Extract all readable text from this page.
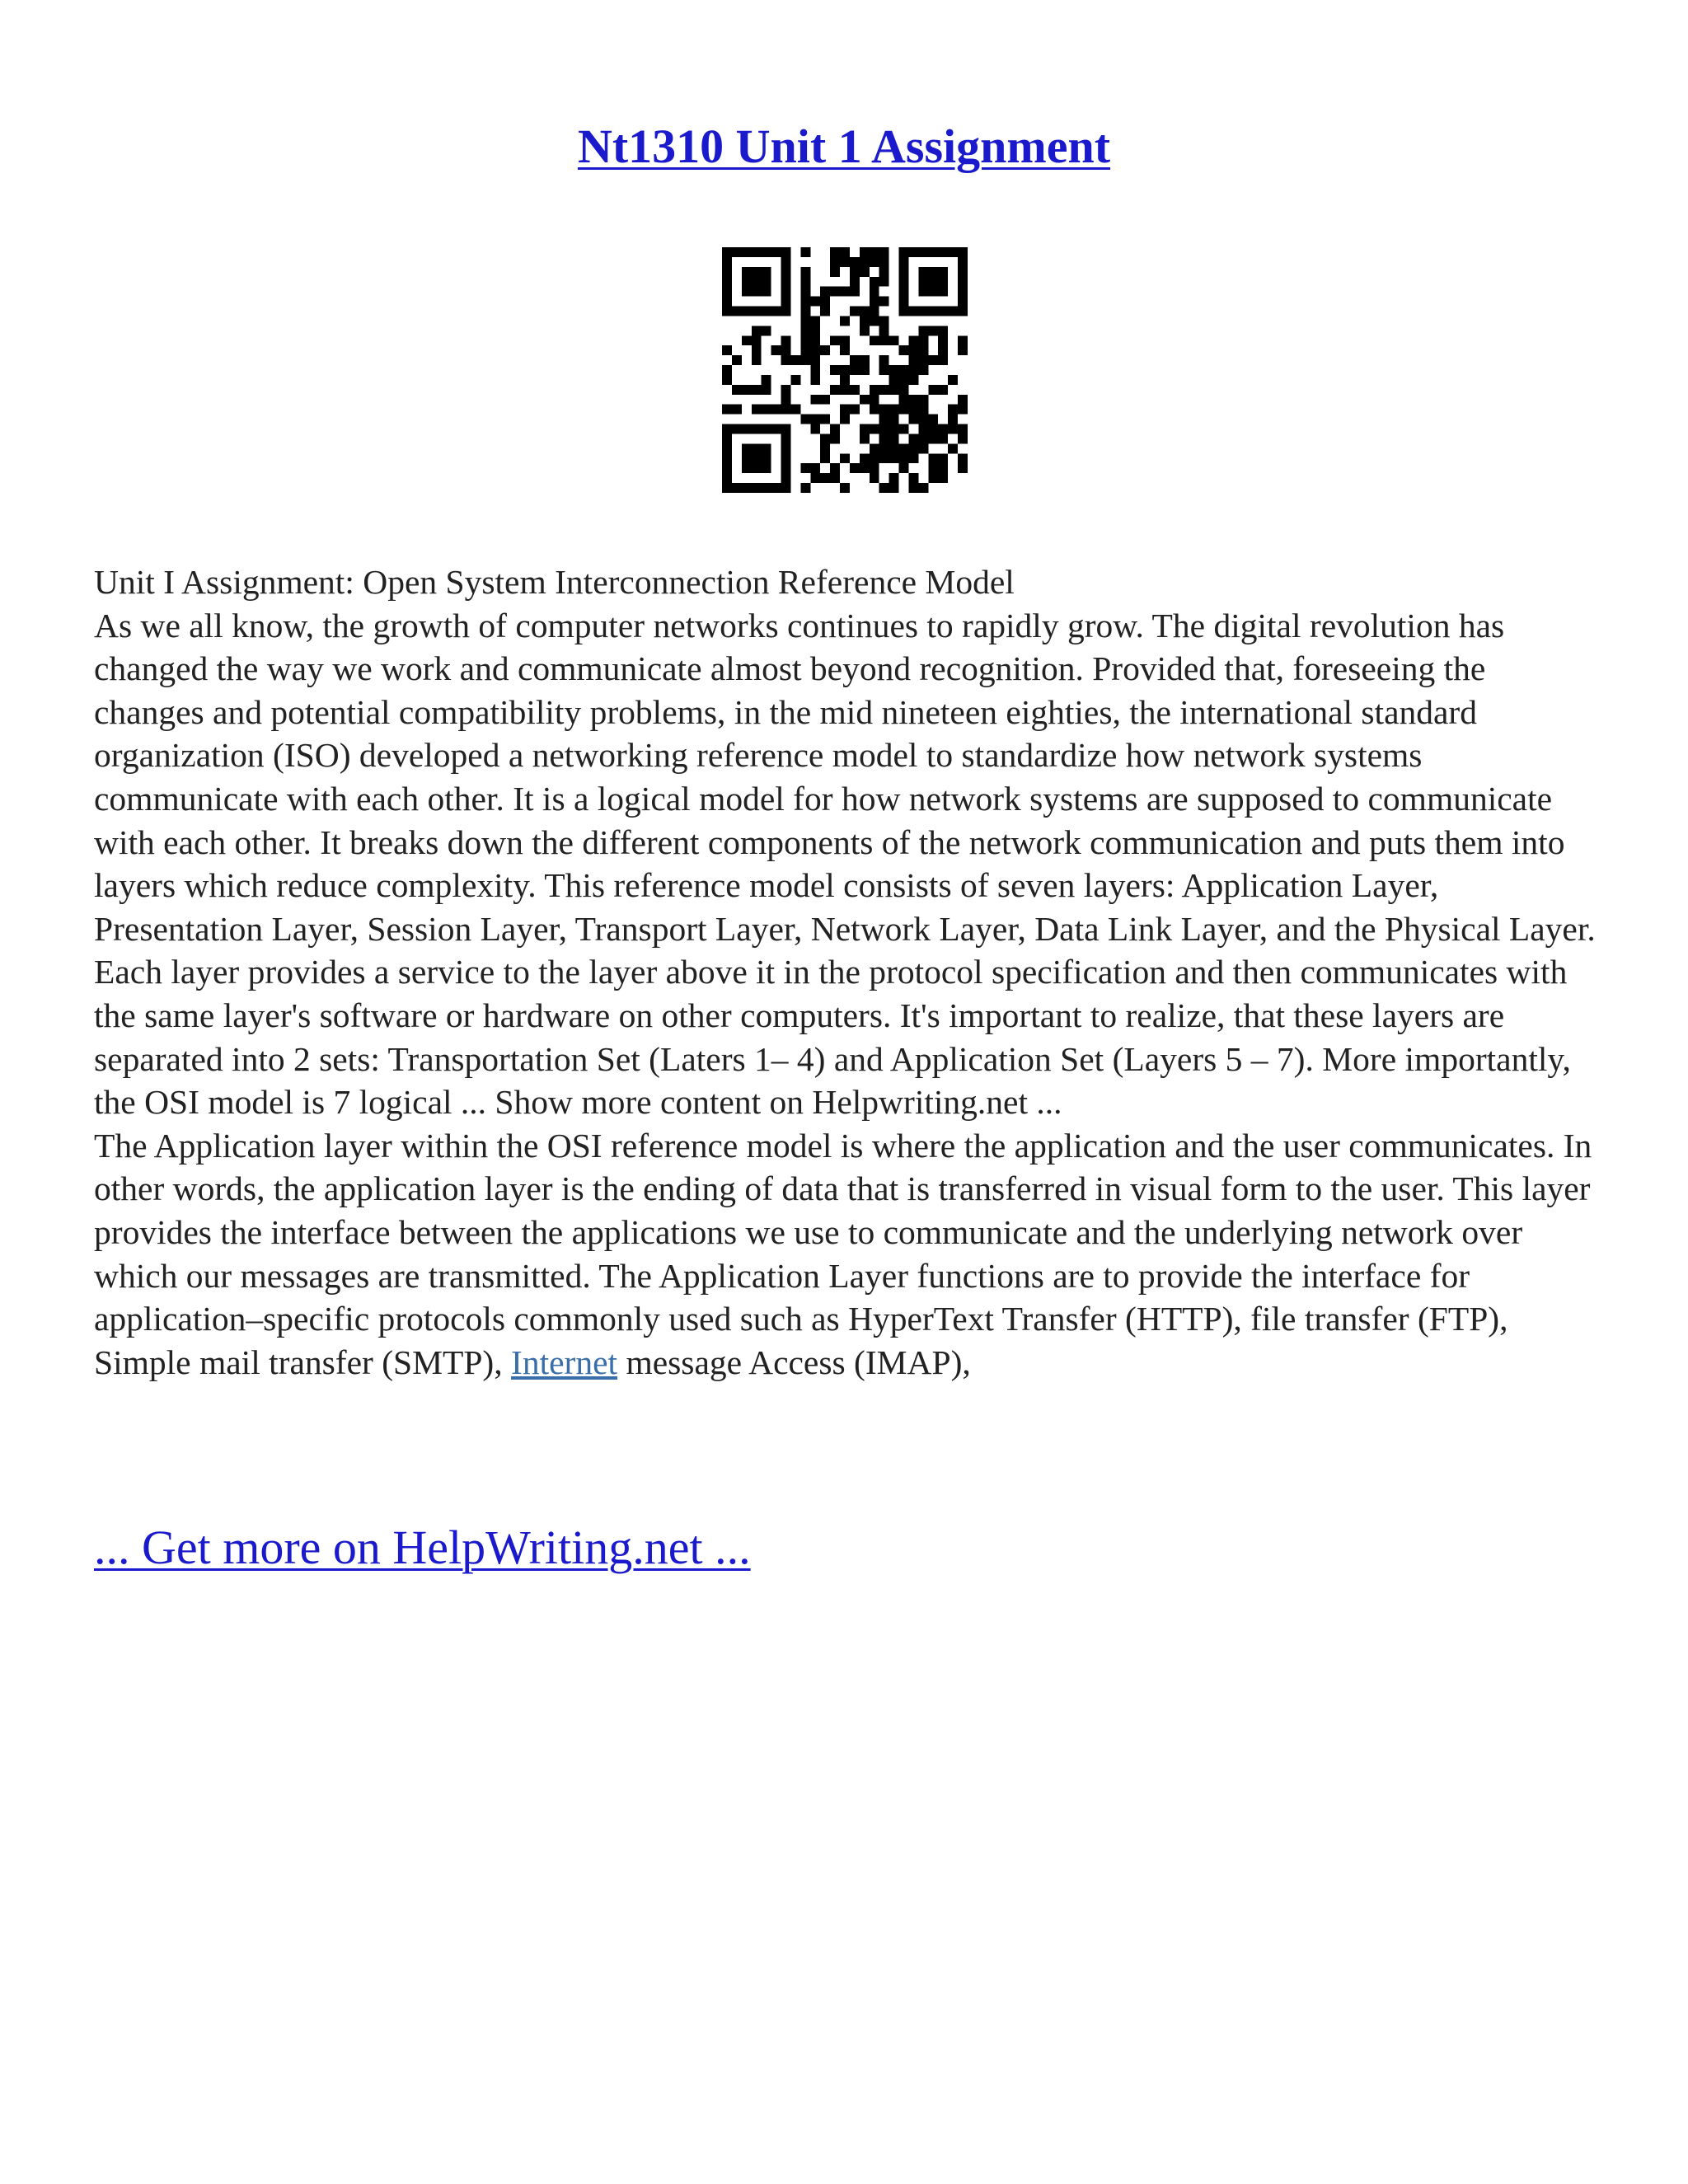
Nt1310 Unit 1 Assignment

Unit I Assignment: Open System Interconnection Reference Model

As we all know, the growth of computer networks continues to rapidly grow. The digital revolution has changed the way we work and communicate almost beyond recognition. Provided that, foreseeing the changes and potential compatibility problems, in the mid nineteen eighties, the international standard organization (ISO) developed a networking reference model to standardize how network systems communicate with each other. It is a logical model for how network systems are supposed to communicate with each other. It breaks down the different components of the network communication and puts them into layers which reduce complexity. This reference model consists of seven layers: Application Layer, Presentation Layer, Session Layer, Transport Layer, Network Layer, Data Link Layer, and the Physical Layer. Each layer provides a service to the layer above it in the protocol specification and then communicates with the same layer's software or hardware on other computers. It's important to realize, that these layers are separated into 2 sets: Transportation Set (Laters 1– 4) and Application Set (Layers 5 – 7). More importantly, the OSI model is 7 logical ... Show more content on Helpwriting.net ...

The Application layer within the OSI reference model is where the application and the user communicates. In other words, the application layer is the ending of data that is transferred in visual form to the user. This layer provides the interface between the applications we use to communicate and the underlying network over which our messages are transmitted. The Application Layer functions are to provide the interface for application–specific protocols commonly used such as HyperText Transfer (HTTP), file transfer (FTP), Simple mail transfer (SMTP), Internet message Access (IMAP),

... Get more on HelpWriting.net ...
